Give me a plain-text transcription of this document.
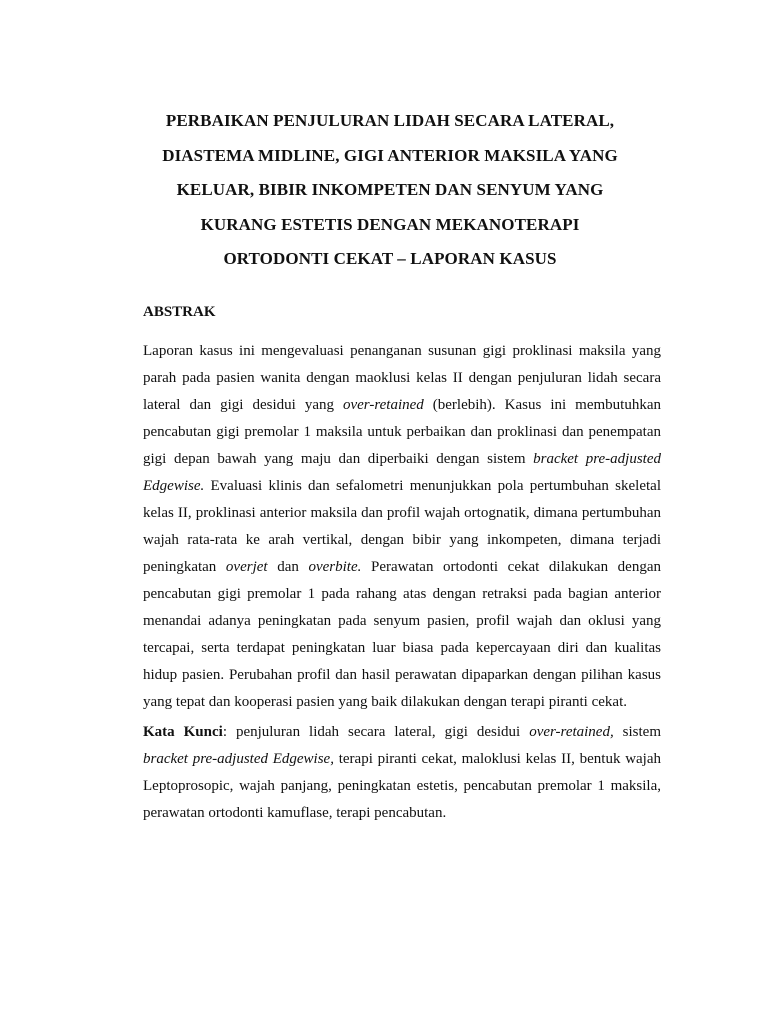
PERBAIKAN PENJULURAN LIDAH SECARA LATERAL,
DIASTEMA MIDLINE, GIGI ANTERIOR MAKSILA YANG
KELUAR, BIBIR INKOMPETEN DAN SENYUM YANG
KURANG ESTETIS DENGAN MEKANOTERAPI
ORTODONTI CEKAT – LAPORAN KASUS
ABSTRAK
Laporan kasus ini mengevaluasi penanganan susunan gigi proklinasi maksila yang
parah pada pasien wanita dengan maoklusi kelas II dengan penjuluran lidah secara
lateral dan gigi desidui yang over-retained (berlebih). Kasus ini membutuhkan
pencabutan gigi premolar 1 maksila untuk perbaikan dan proklinasi dan penempatan
gigi depan bawah yang maju dan diperbaiki dengan sistem bracket pre-adjusted
Edgewise. Evaluasi klinis dan sefalometri menunjukkan pola pertumbuhan skeletal
kelas II, proklinasi anterior maksila dan profil wajah ortognatik, dimana pertumbuhan
wajah rata-rata ke arah vertikal, dengan bibir yang inkompeten, dimana terjadi
peningkatan overjet dan overbite. Perawatan ortodonti cekat dilakukan dengan
pencabutan gigi premolar 1 pada rahang atas dengan retraksi pada bagian anterior
menandai adanya peningkatan pada senyum pasien, profil wajah dan oklusi yang
tercapai, serta terdapat peningkatan luar biasa pada kepercayaan diri dan kualitas
hidup pasien. Perubahan profil dan hasil perawatan dipaparkan dengan pilihan kasus
yang tepat dan kooperasi pasien yang baik dilakukan dengan terapi piranti cekat.
Kata Kunci: penjuluran lidah secara lateral, gigi desidui over-retained, sistem
bracket pre-adjusted Edgewise, terapi piranti cekat, maloklusi kelas II, bentuk wajah
Leptoprosopic, wajah panjang, peningkatan estetis, pencabutan premolar 1 maksila,
perawatan ortodonti kamuflase, terapi pencabutan.
